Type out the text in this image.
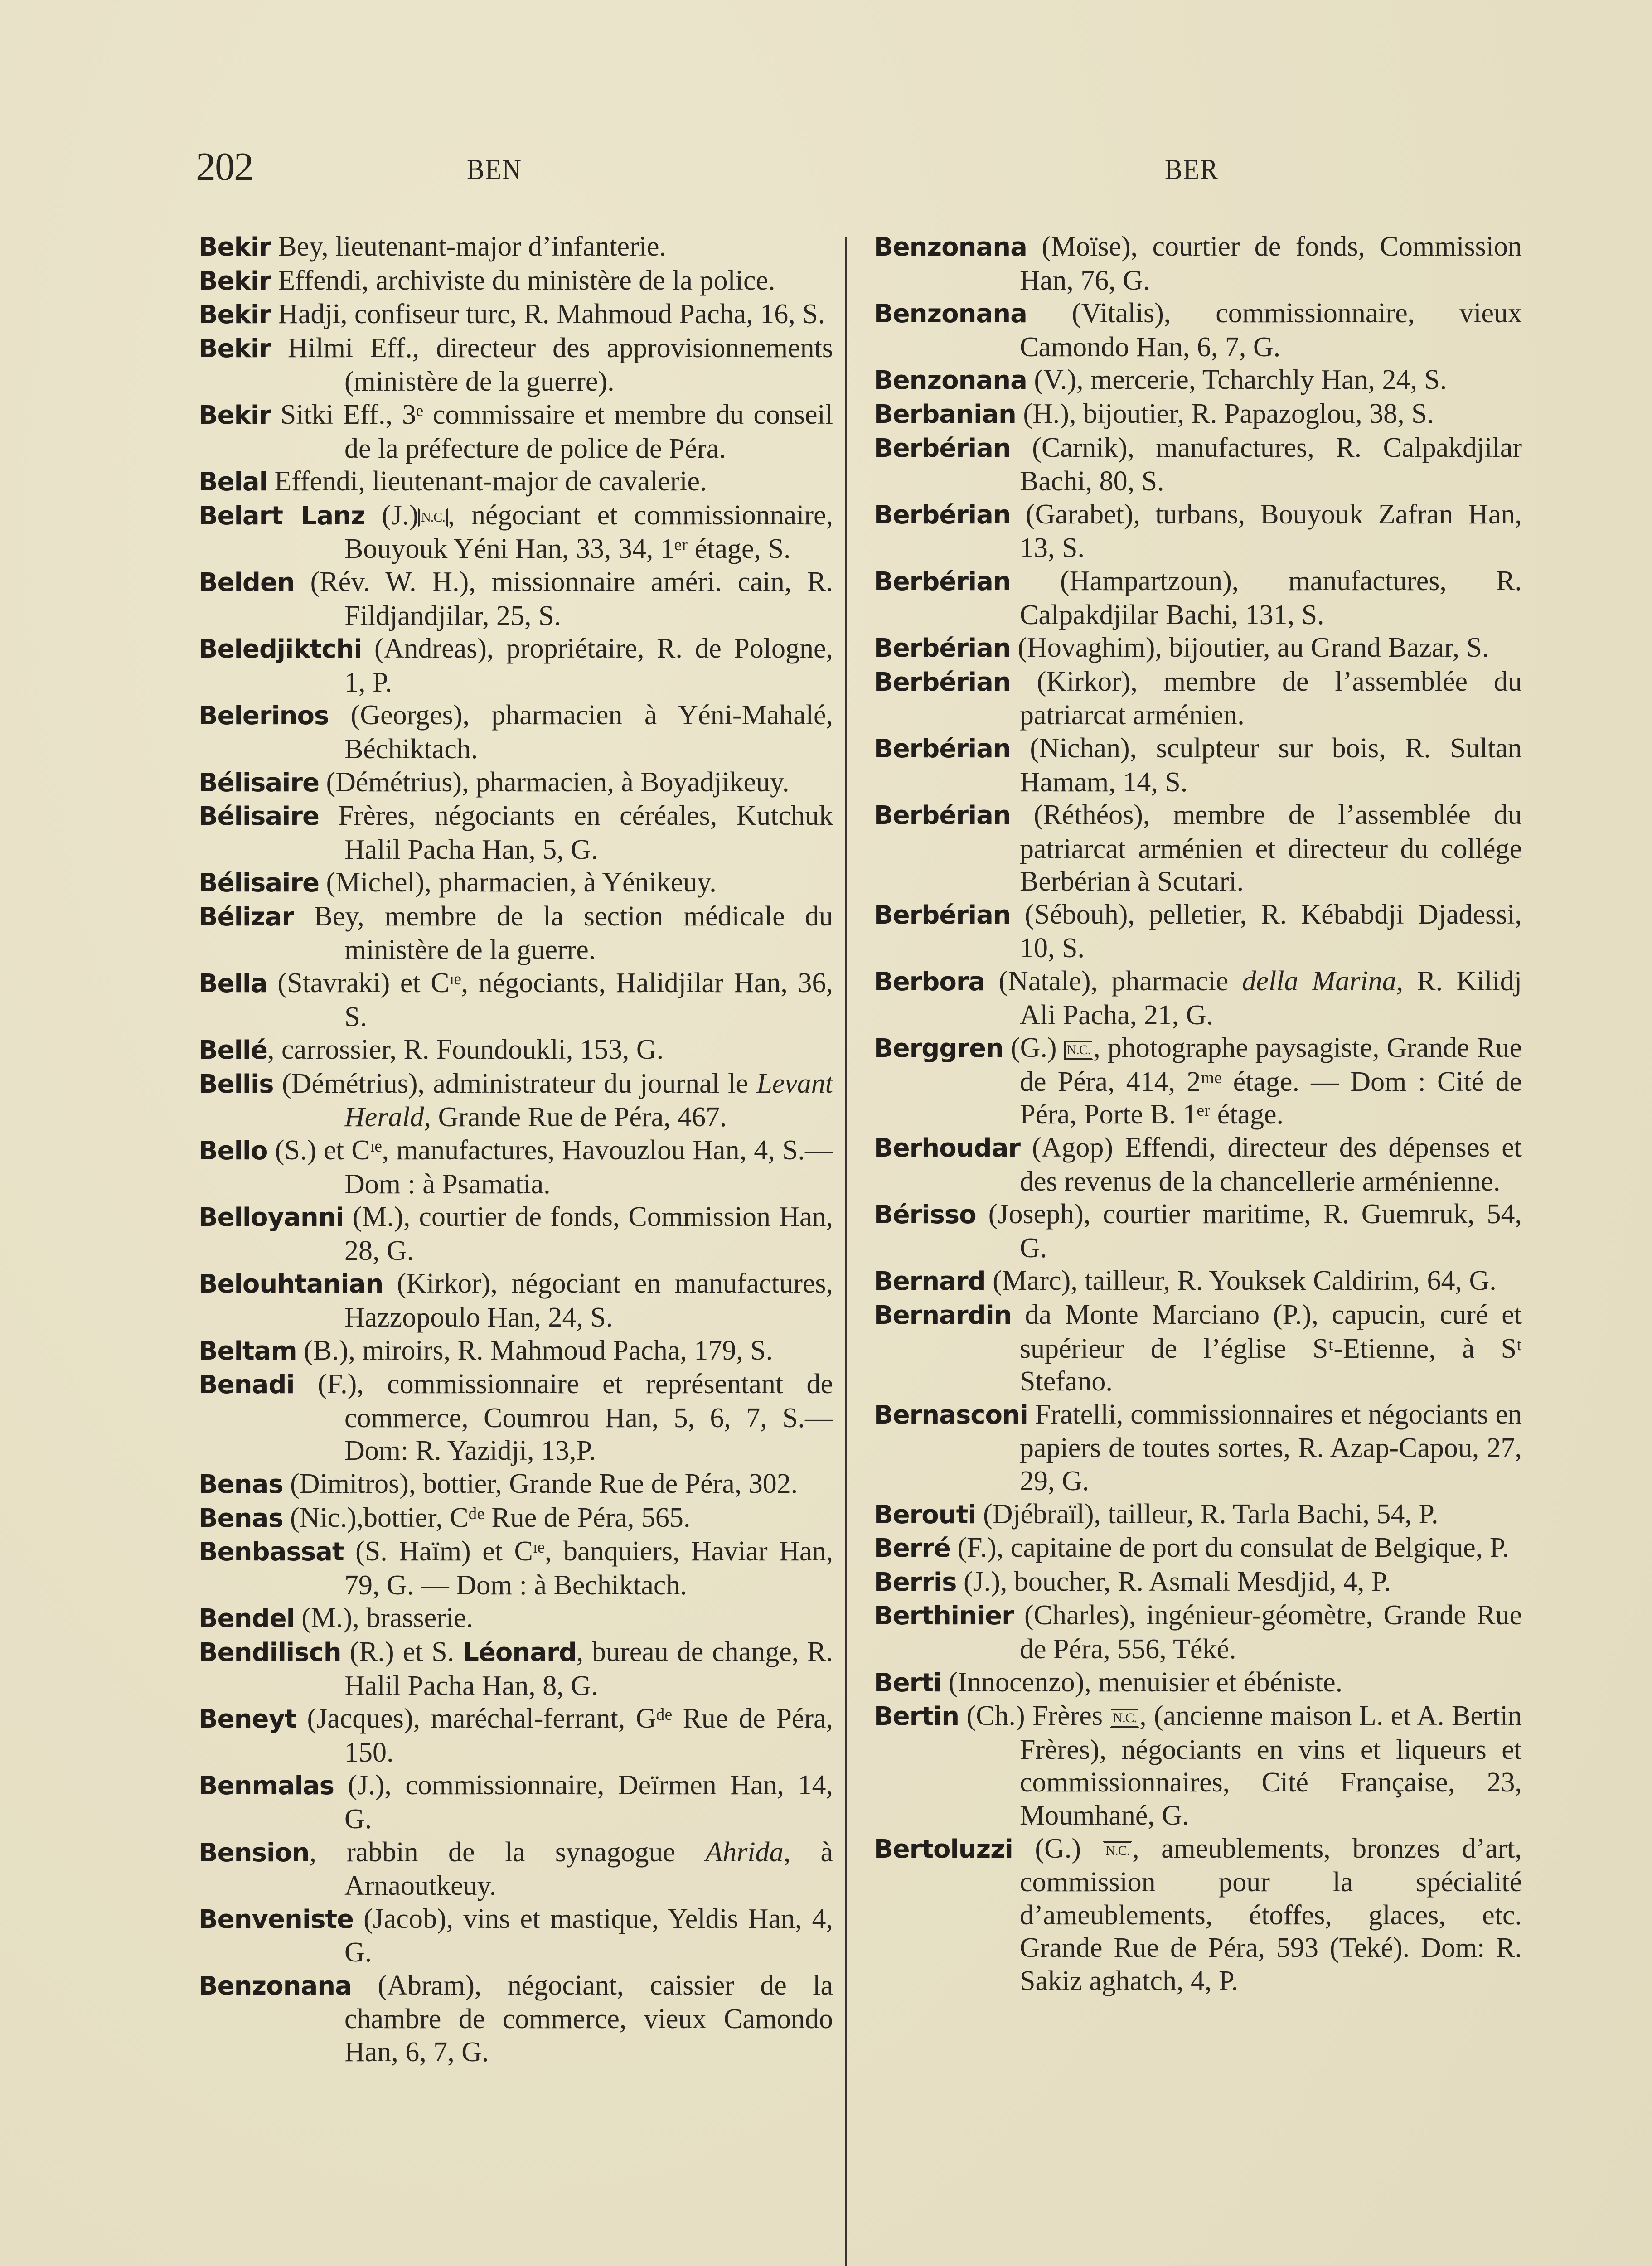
202	BEN	BER

Bekir Bey, lieutenant-major d’infanterie.

Bekir Effendi, archiviste du ministère de la police.

Bekir Hadji, confiseur turc, R. Mahmoud Pacha, 16, S.

Bekir Hilmi Eff., directeur des approvisionnements (ministère de la guerre).

Bekir Sitki Eff., 3ᵉ commissaire et membre du conseil de la préfecture de police de Péra.

Belal Effendi, lieutenant-major de cavalerie.

Belart Lanz (J.) N.C., négociant et commissionnaire, Bouyouk Yéni Han, 33, 34, 1ᵉʳ étage, S.

Belden (Rév. W. H.), missionnaire améri. cain, R. Fildjandjilar, 25, S.

Beledjiktchi (Andreas), propriétaire, R. de Pologne, 1, P.

Belerinos (Georges), pharmacien à Yéni-Mahalé, Béchiktach.

Bélisaire (Démétrius), pharmacien, à Boyadjikeuy.

Bélisaire Frères, négociants en céréales, Kutchuk Halil Pacha Han, 5, G.

Bélisaire (Michel), pharmacien, à Yénikeuy.

Bélizar Bey, membre de la section médicale du ministère de la guerre.

Bella (Stavraki) et Cᶦᵉ, négociants, Halidjilar Han, 36, S.

Bellé, carrossier, R. Foundoukli, 153, G.

Bellis (Démétrius), administrateur du journal le Levant Herald, Grande Rue de Péra, 467.

Bello (S.) et Cᶦᵉ, manufactures, Havouzlou Han, 4, S.—Dom : à Psamatia.

Belloyanni (M.), courtier de fonds, Commission Han, 28, G.

Belouhtanian (Kirkor), négociant en manufactures, Hazzopoulo Han, 24, S.

Beltam (B.), miroirs, R. Mahmoud Pacha, 179, S.

Benadi (F.), commissionnaire et représentant de commerce, Coumrou Han, 5, 6, 7, S.—Dom: R. Yazidji, 13,P.

Benas (Dimitros), bottier, Grande Rue de Péra, 302.

Benas (Nic.),bottier, Cᵈᵉ Rue de Péra, 565.

Benbassat (S. Haïm) et Cᶦᵉ, banquiers, Haviar Han, 79, G. — Dom : à Bechiktach.

Bendel (M.), brasserie.

Bendilisch (R.) et S. Léonard, bureau de change, R. Halil Pacha Han, 8, G.

Beneyt (Jacques), maréchal-ferrant, Gᵈᵉ Rue de Péra, 150.

Benmalas (J.), commissionnaire, Deïrmen Han, 14, G.

Bension, rabbin de la synagogue Ahrida, à Arnaoutkeuy.

Benveniste (Jacob), vins et mastique, Yeldis Han, 4, G.

Benzonana (Abram), négociant, caissier de la chambre de commerce, vieux Camondo Han, 6, 7, G.

Benzonana (Moïse), courtier de fonds, Commission Han, 76, G.

Benzonana (Vitalis), commissionnaire, vieux Camondo Han, 6, 7, G.

Benzonana (V.), mercerie, Tcharchly Han, 24, S.

Berbanian (H.), bijoutier, R. Papazoglou, 38, S.

Berbérian (Carnik), manufactures, R. Calpakdjilar Bachi, 80, S.

Berbérian (Garabet), turbans, Bouyouk Zafran Han, 13, S.

Berbérian (Hampartzoun), manufactures, R. Calpakdjilar Bachi, 131, S.

Berbérian (Hovaghim), bijoutier, au Grand Bazar, S.

Berbérian (Kirkor), membre de l’assemblée du patriarcat arménien.

Berbérian (Nichan), sculpteur sur bois, R. Sultan Hamam, 14, S.

Berbérian (Réthéos), membre de l’assemblée du patriarcat arménien et directeur du collége Berbérian à Scutari.

Berbérian (Sébouh), pelletier, R. Kébabdji Djadessi, 10, S.

Berbora (Natale), pharmacie della Marina, R. Kilidj Ali Pacha, 21, G.

Berggren (G.) N.C., photographe paysagiste, Grande Rue de Péra, 414, 2ᵐᵉ étage. — Dom : Cité de Péra, Porte B. 1ᵉʳ étage.

Berhoudar (Agop) Effendi, directeur des dépenses et des revenus de la chancellerie arménienne.

Bérisso (Joseph), courtier maritime, R. Guemruk, 54, G.

Bernard (Marc), tailleur, R. Youksek Caldirim, 64, G.

Bernardin da Monte Marciano (P.), capucin, curé et supérieur de l’église Sᵗ-Etienne, à Sᵗ Stefano.

Bernasconi Fratelli, commissionnaires et négociants en papiers de toutes sortes, R. Azap-Capou, 27, 29, G.

Berouti (Djébraïl), tailleur, R. Tarla Bachi, 54, P.

Berré (F.), capitaine de port du consulat de Belgique, P.

Berris (J.), boucher, R. Asmali Mesdjid, 4, P.

Berthinier (Charles), ingénieur-géomètre, Grande Rue de Péra, 556, Téké.

Berti (Innocenzo), menuisier et ébéniste.

Bertin (Ch.) Frères N.C., (ancienne maison L. et A. Bertin Frères), négociants en vins et liqueurs et commissionnaires, Cité Française, 23, Moumhané, G.

Bertoluzzi (G.) N.C., ameublements, bronzes d’art, commission pour la spécialité d’ameublements, étoffes, glaces, etc. Grande Rue de Péra, 593 (Teké). Dom: R. Sakiz aghatch, 4, P.
